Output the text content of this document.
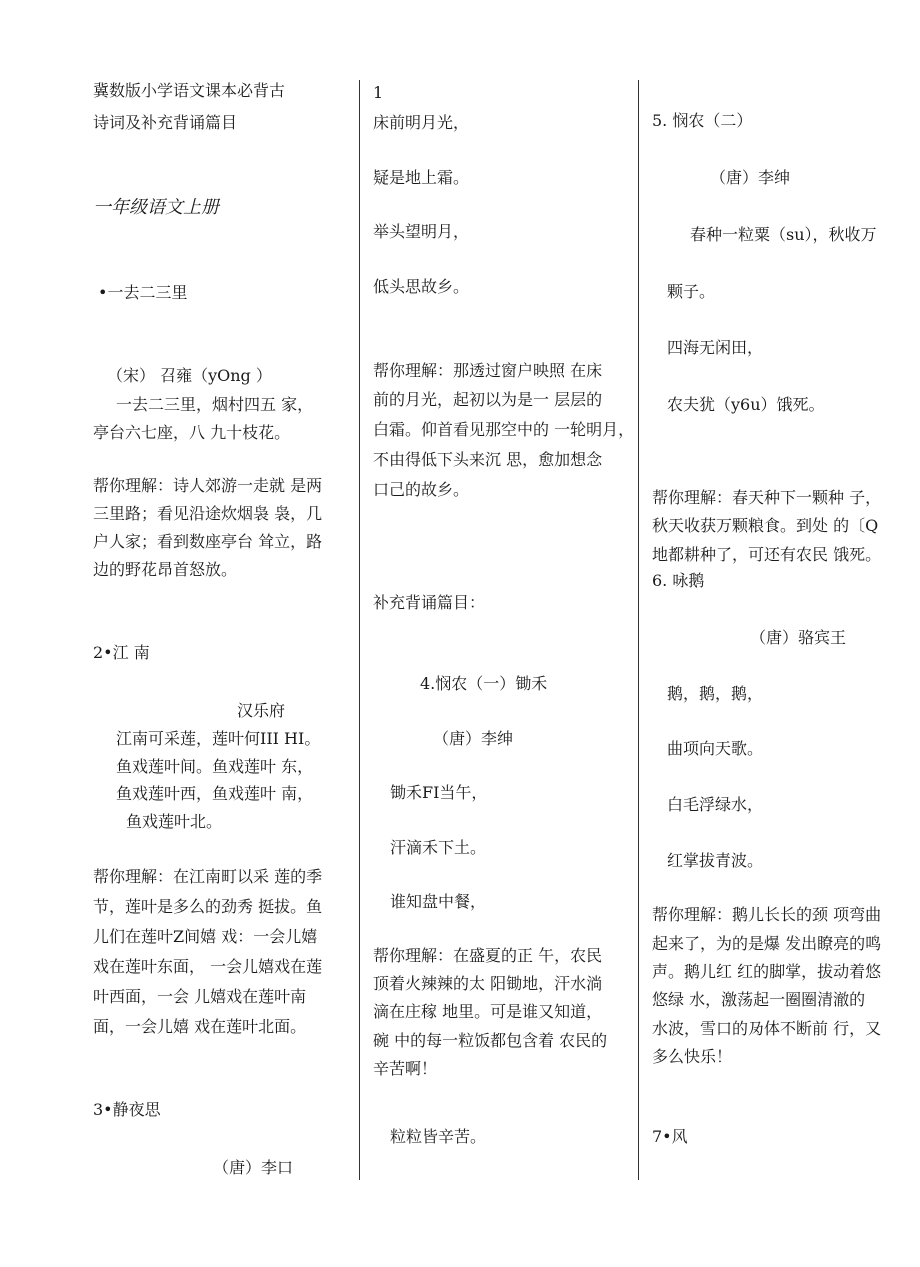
冀数版小学语文课本必背古
诗词及补充背诵篇目
一年级语文上册
•一去二三里
（宋） 召雍（yOng ）
一去二三里，烟村四五 家，
亭台六七座，八 九十枝花。
帮你理解：诗人郊游一走就 是两
三里路；看见沿途炊烟袅 袅，几
户人家；看到数座亭台 耸立，路
边的野花昂首怒放。
2•江 南
汉乐府
江南可采莲，莲叶何III HI。
鱼戏莲叶间。鱼戏莲叶 东，
鱼戏莲叶西，鱼戏莲叶 南，
鱼戏莲叶北。
帮你理解：在江南町以采 莲的季
节，莲叶是多么的劲秀 挺拔。鱼
儿们在莲叶Z间嬉 戏：一会儿嬉
戏在莲叶东面， 一会儿嬉戏在莲
叶西面，一会 儿嬉戏在莲叶南
面，一会儿嬉 戏在莲叶北面。
3•静夜思
（唐）李口
1
床前明月光，
疑是地上霜。
举头望明月，
低头思故乡。
帮你理解：那透过窗户映照 在床
前的月光，起初以为是一 层层的
白霜。仰首看见那空中的 一轮明月，
不由得低下头来沉 思，愈加想念
口己的故乡。
补充背诵篇目：
4.悯农（一）锄禾
（唐）李绅
锄禾FI当午，
汗滴禾下土。
谁知盘中餐，
帮你理解：在盛夏的正 午，农民
顶着火辣辣的太 阳锄地，汗水淌
滴在庄稼 地里。可是谁又知道，
碗 中的每一粒饭都包含着 农民的
辛苦啊！
粒粒皆辛苦。
5. 悯农（二）
（唐）李绅
春种一粒粟（su），秋收万
颗子。
四海无闲田，
农夫犹（y6u）饿死。
帮你理解：春天种下一颗种 子，
秋天收获万颗粮食。到处 的〔Q
地都耕种了，可还有农民 饿死。
6. 咏鹅
（唐）骆宾王
鹅，鹅，鹅，
曲项向天歌。
白毛浮绿水，
红掌拔青波。
帮你理解：鹅儿长长的颈 项弯曲
起来了，为的是爆 发出瞭亮的鸣
声。鹅儿红 红的脚掌，拔动着悠
悠绿 水，激荡起一圈圈清澈的
水波，雪口的夃体不断前 行，又
多么快乐！
7•风
